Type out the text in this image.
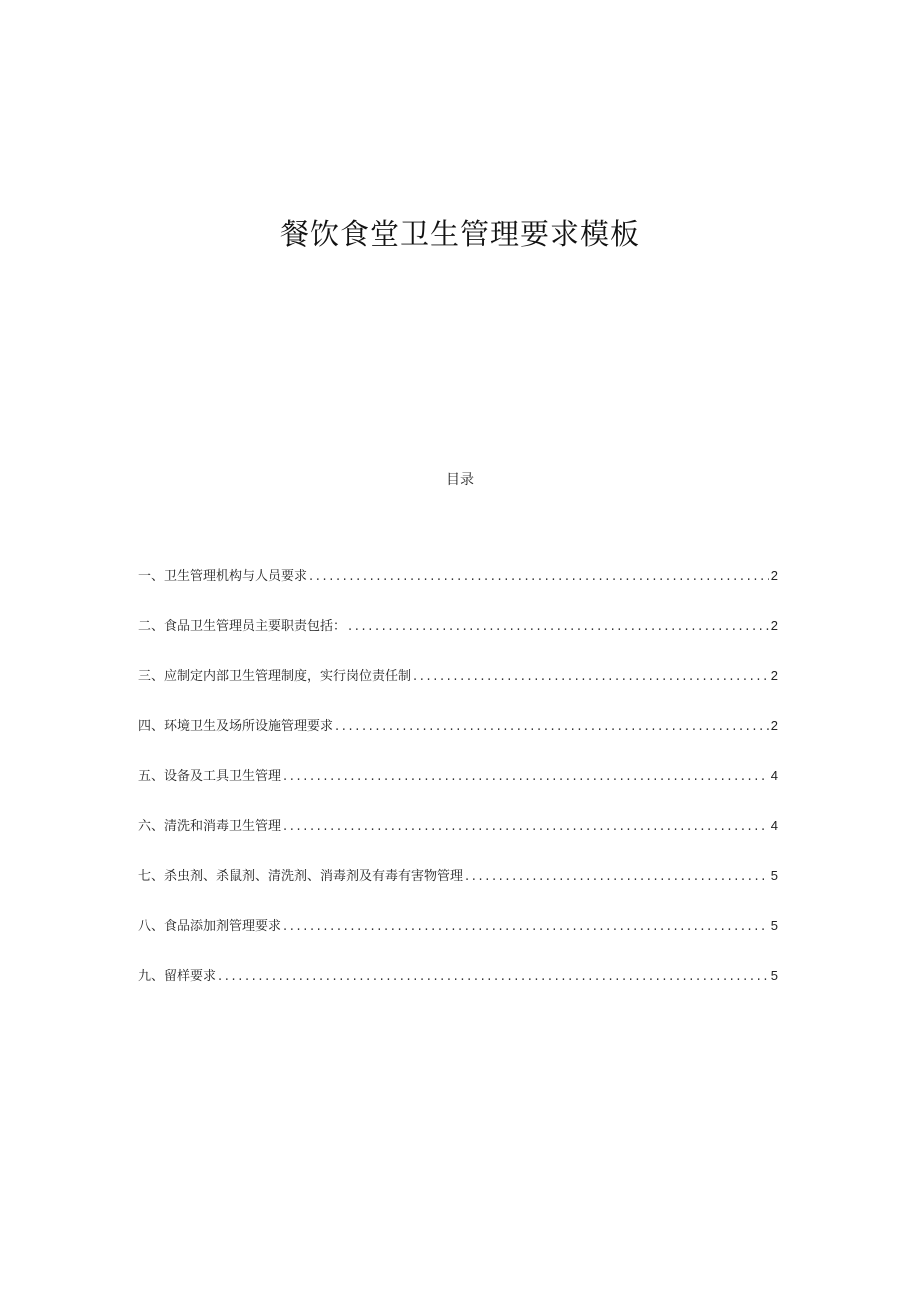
餐饮食堂卫生管理要求模板
目录
一、卫生管理机构与人员要求 .....	2
二、食品卫生管理员主要职责包括： .....	2
三、应制定内部卫生管理制度，实行岗位责任制 .....	2
四、环境卫生及场所设施管理要求 .....	2
五、设备及工具卫生管理 .....	4
六、清洗和消毒卫生管理 .....	4
七、杀虫剂、杀鼠剂、清洗剂、消毒剂及有毒有害物管理 .....	5
八、食品添加剂管理要求 .....	5
九、留样要求 .....	5
